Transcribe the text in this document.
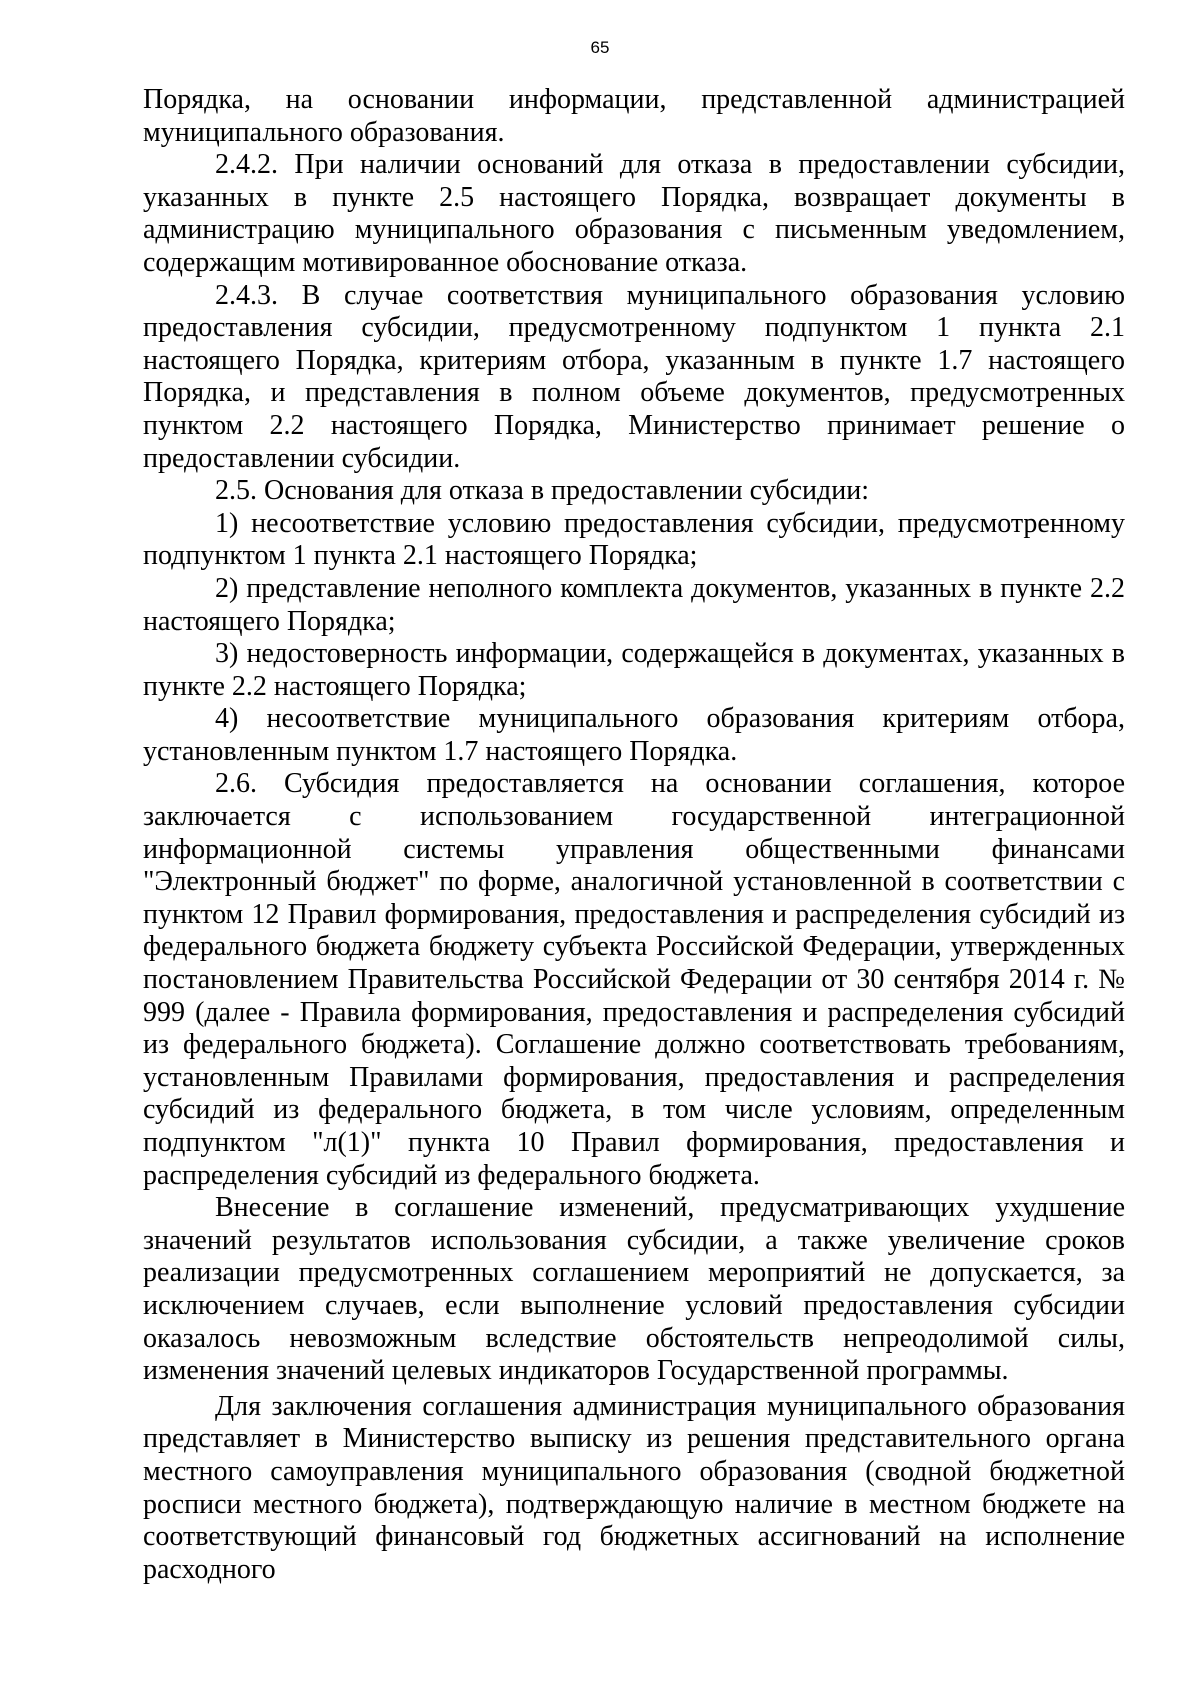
65

Порядка, на основании информации, представленной администрацией муниципального образования.

2.4.2. При наличии оснований для отказа в предоставлении субсидии, указанных в пункте 2.5 настоящего Порядка, возвращает документы в администрацию муниципального образования с письменным уведомлением, содержащим мотивированное обоснование отказа.

2.4.3. В случае соответствия муниципального образования условию предоставления субсидии, предусмотренному подпунктом 1 пункта 2.1 настоящего Порядка, критериям отбора, указанным в пункте 1.7 настоящего Порядка, и представления в полном объеме документов, предусмотренных пунктом 2.2 настоящего Порядка, Министерство принимает решение о предоставлении субсидии.

2.5. Основания для отказа в предоставлении субсидии:

1) несоответствие условию предоставления субсидии, предусмотренному подпунктом 1 пункта 2.1 настоящего Порядка;

2) представление неполного комплекта документов, указанных в пункте 2.2 настоящего Порядка;

3) недостоверность информации, содержащейся в документах, указанных в пункте 2.2 настоящего Порядка;

4) несоответствие муниципального образования критериям отбора, установленным пунктом 1.7 настоящего Порядка.

2.6. Субсидия предоставляется на основании соглашения, которое заключается с использованием государственной интеграционной информационной системы управления общественными финансами "Электронный бюджет" по форме, аналогичной установленной в соответствии с пунктом 12 Правил формирования, предоставления и распределения субсидий из федерального бюджета бюджету субъекта Российской Федерации, утвержденных постановлением Правительства Российской Федерации от 30 сентября 2014 г. № 999 (далее - Правила формирования, предоставления и распределения субсидий из федерального бюджета). Соглашение должно соответствовать требованиям, установленным Правилами формирования, предоставления и распределения субсидий из федерального бюджета, в том числе условиям, определенным подпунктом "л(1)" пункта 10 Правил формирования, предоставления и распределения субсидий из федерального бюджета.

Внесение в соглашение изменений, предусматривающих ухудшение значений результатов использования субсидии, а также увеличение сроков реализации предусмотренных соглашением мероприятий не допускается, за исключением случаев, если выполнение условий предоставления субсидии оказалось невозможным вследствие обстоятельств непреодолимой силы, изменения значений целевых индикаторов Государственной программы.

Для заключения соглашения администрация муниципального образования представляет в Министерство выписку из решения представительного органа местного самоуправления муниципального образования (сводной бюджетной росписи местного бюджета), подтверждающую наличие в местном бюджете на соответствующий финансовый год бюджетных ассигнований на исполнение расходного
